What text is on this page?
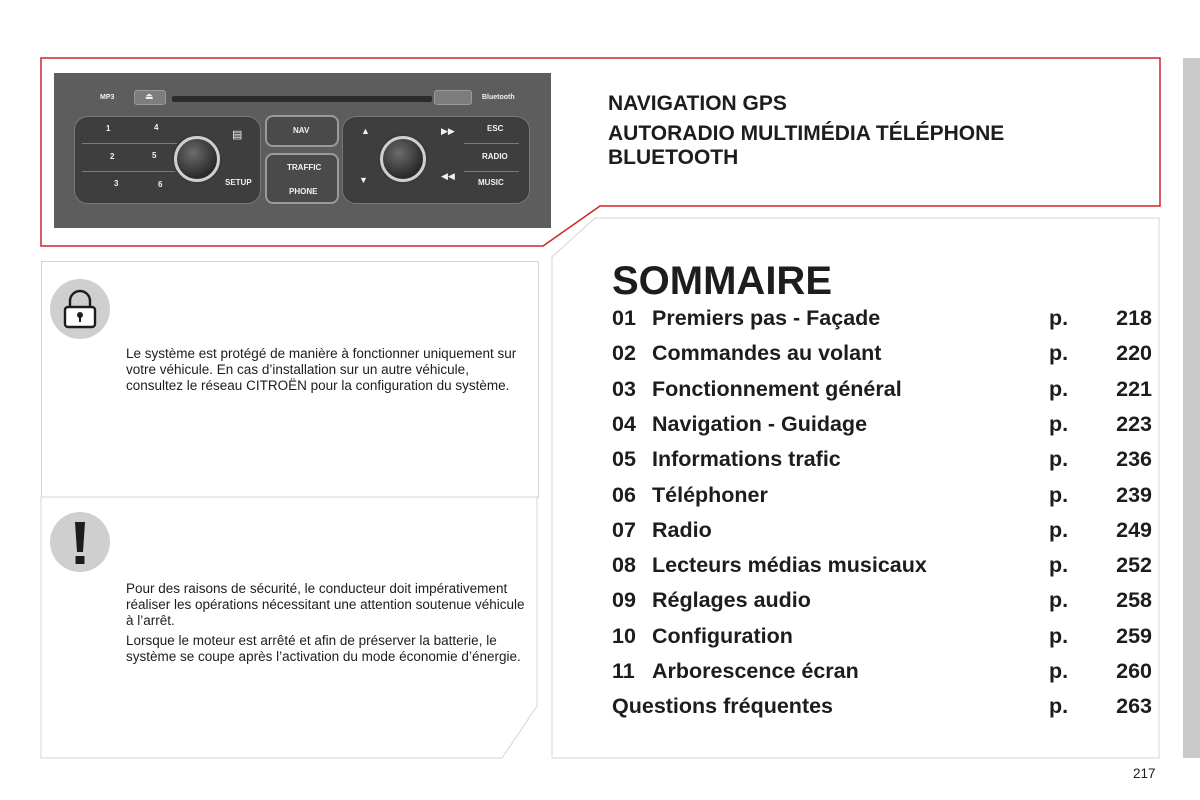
MP3	⏏	Bluetooth
1
2
3
4
5
6
▤
SETUP
NAV
TRAFFIC
PHONE
▲
▼
▶▶
◀◀
ESC
RADIO
MUSIC
NAVIGATION GPS
AUTORADIO MULTIMÉDIA TÉLÉPHONE
BLUETOOTH

Le système est protégé de manière à fonctionner uniquement sur votre véhicule. En cas d’installation sur un autre véhicule, consultez le réseau CITROËN pour la configuration du système.

Pour des raisons de sécurité, le conducteur doit impérativement réaliser les opérations nécessitant une attention soutenue véhicule à l’arrêt.

Lorsque le moteur est arrêté et afin de préserver la batterie, le système se coupe après l’activation du mode économie d’énergie.

SOMMAIRE
01 Premiers pas - Façade	p. 218
02 Commandes au volant	p. 220
03 Fonctionnement général	p. 221
04 Navigation - Guidage	p. 223
05 Informations trafic	p. 236
06 Téléphoner	p. 239
07 Radio	p. 249
08 Lecteurs médias musicaux	p. 252
09 Réglages audio	p. 258
10 Configuration	p. 259
11 Arborescence écran	p. 260
Questions fréquentes	p. 263
217
